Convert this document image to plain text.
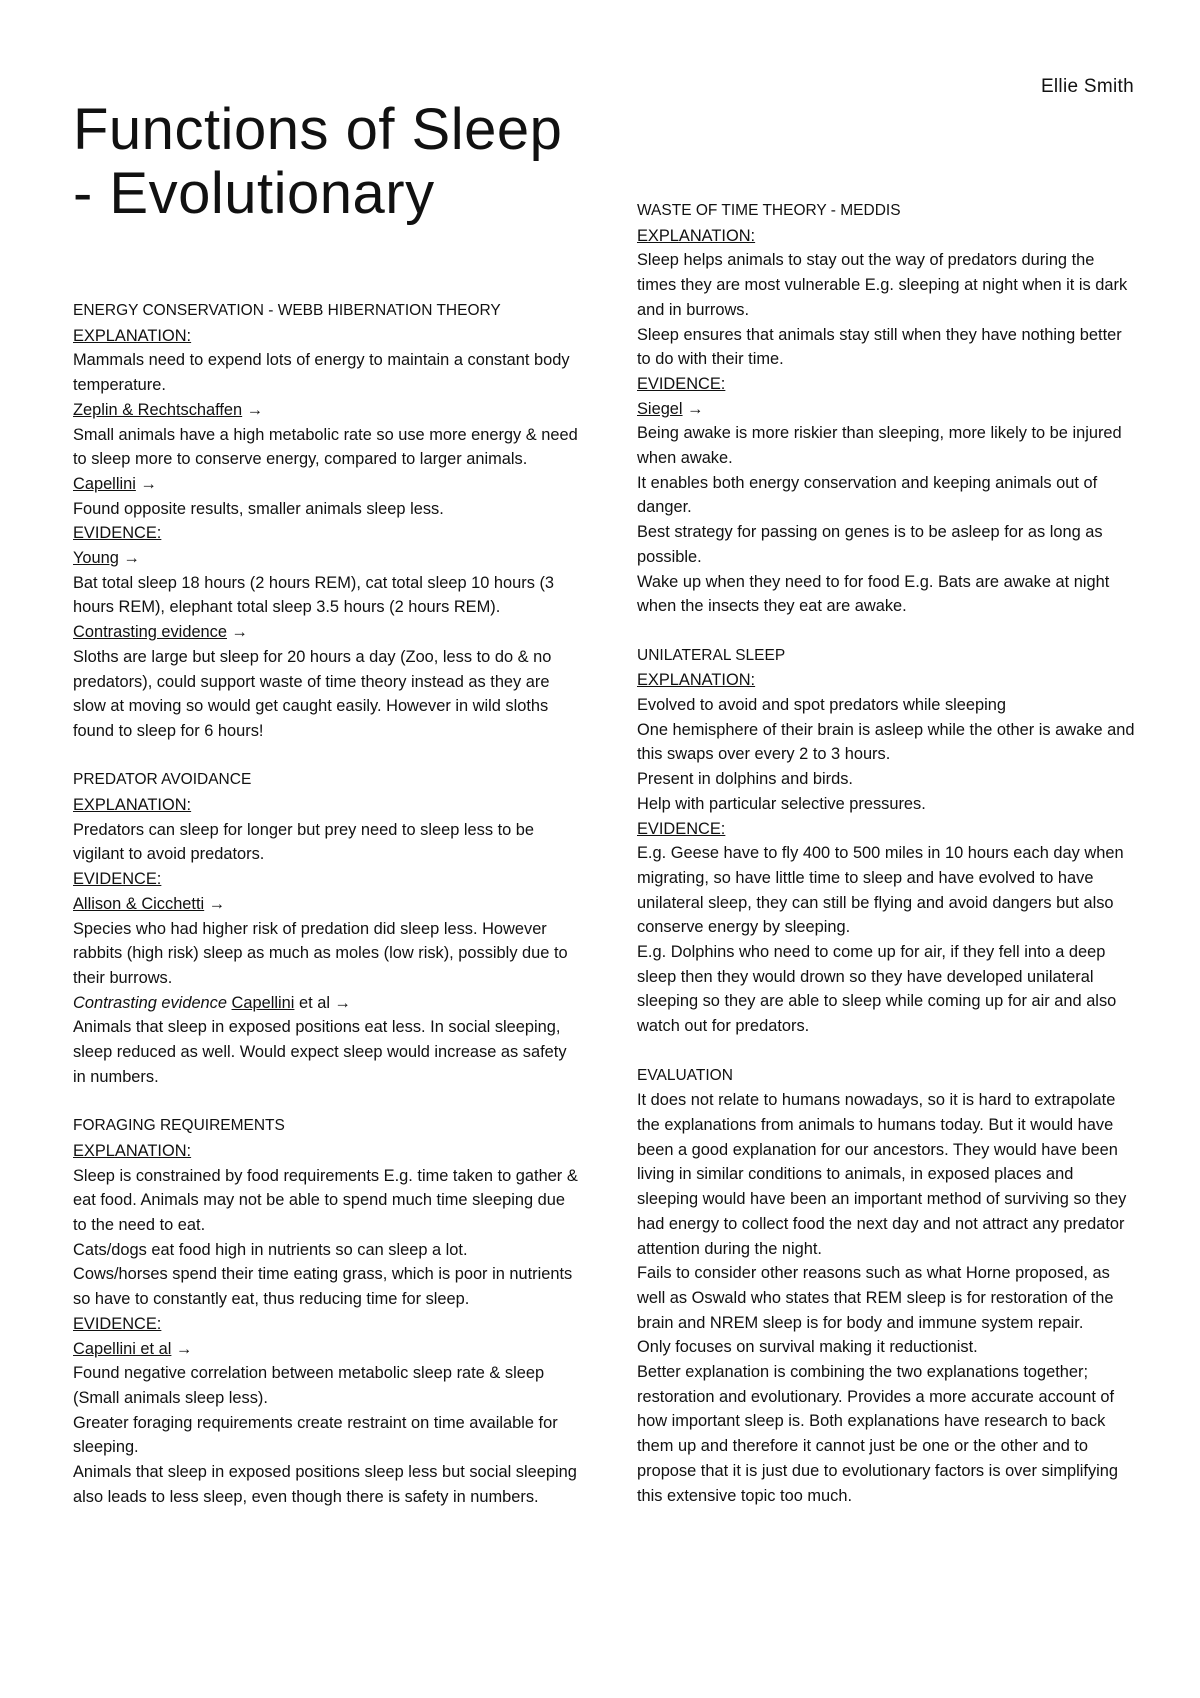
Ellie Smith
Functions of Sleep - Evolutionary
ENERGY CONSERVATION - WEBB HIBERNATION THEORY
EXPLANATION:
Mammals need to expend lots of energy to maintain a constant body temperature.
Zeplin & Rechtschaffen →
Small animals have a high metabolic rate so use more energy & need to sleep more to conserve energy, compared to larger animals.
Capellini →
Found opposite results, smaller animals sleep less.
EVIDENCE:
Young →
Bat total sleep 18 hours (2 hours REM), cat total sleep 10 hours (3 hours REM), elephant total sleep 3.5 hours (2 hours REM).
Contrasting evidence →
Sloths are large but sleep for 20 hours a day (Zoo, less to do & no predators), could support waste of time theory instead as they are slow at moving so would get caught easily. However in wild sloths found to sleep for 6 hours!
PREDATOR AVOIDANCE
EXPLANATION:
Predators can sleep for longer but prey need to sleep less to be vigilant to avoid predators.
EVIDENCE:
Allison & Cicchetti →
Species who had higher risk of predation did sleep less. However rabbits (high risk) sleep as much as moles (low risk), possibly due to their burrows.
Contrasting evidence Capellini et al →
Animals that sleep in exposed positions eat less. In social sleeping, sleep reduced as well. Would expect sleep would increase as safety in numbers.
FORAGING REQUIREMENTS
EXPLANATION:
Sleep is constrained by food requirements E.g. time taken to gather & eat food. Animals may not be able to spend much time sleeping due to the need to eat.
Cats/dogs eat food high in nutrients so can sleep a lot.
Cows/horses spend their time eating grass, which is poor in nutrients so have to constantly eat, thus reducing time for sleep.
EVIDENCE:
Capellini et al →
Found negative correlation between metabolic sleep rate & sleep (Small animals sleep less).
Greater foraging requirements create restraint on time available for sleeping.
Animals that sleep in exposed positions sleep less but social sleeping also leads to less sleep, even though there is safety in numbers.
WASTE OF TIME THEORY - MEDDIS
EXPLANATION:
Sleep helps animals to stay out the way of predators during the times they are most vulnerable E.g. sleeping at night when it is dark and in burrows.
Sleep ensures that animals stay still when they have nothing better to do with their time.
EVIDENCE:
Siegel →
Being awake is more riskier than sleeping, more likely to be injured when awake.
It enables both energy conservation and keeping animals out of danger.
Best strategy for passing on genes is to be asleep for as long as possible.
Wake up when they need to for food E.g. Bats are awake at night when the insects they eat are awake.
UNILATERAL SLEEP
EXPLANATION:
Evolved to avoid and spot predators while sleeping
One hemisphere of their brain is asleep while the other is awake and this swaps over every 2 to 3 hours.
Present in dolphins and birds.
Help with particular selective pressures.
EVIDENCE:
E.g. Geese have to fly 400 to 500 miles in 10 hours each day when migrating, so have little time to sleep and have evolved to have unilateral sleep, they can still be flying and avoid dangers but also conserve energy by sleeping.
E.g. Dolphins who need to come up for air, if they fell into a deep sleep then they would drown so they have developed unilateral sleeping so they are able to sleep while coming up for air and also watch out for predators.
EVALUATION
It does not relate to humans nowadays, so it is hard to extrapolate the explanations from animals to humans today. But it would have been a good explanation for our ancestors. They would have been living in similar conditions to animals, in exposed places and sleeping would have been an important method of surviving so they had energy to collect food the next day and not attract any predator attention during the night.
Fails to consider other reasons such as what Horne proposed, as well as Oswald who states that REM sleep is for restoration of the brain and NREM sleep is for body and immune system repair.
Only focuses on survival making it reductionist.
Better explanation is combining the two explanations together; restoration and evolutionary. Provides a more accurate account of how important sleep is. Both explanations have research to back them up and therefore it cannot just be one or the other and to propose that it is just due to evolutionary factors is over simplifying this extensive topic too much.
